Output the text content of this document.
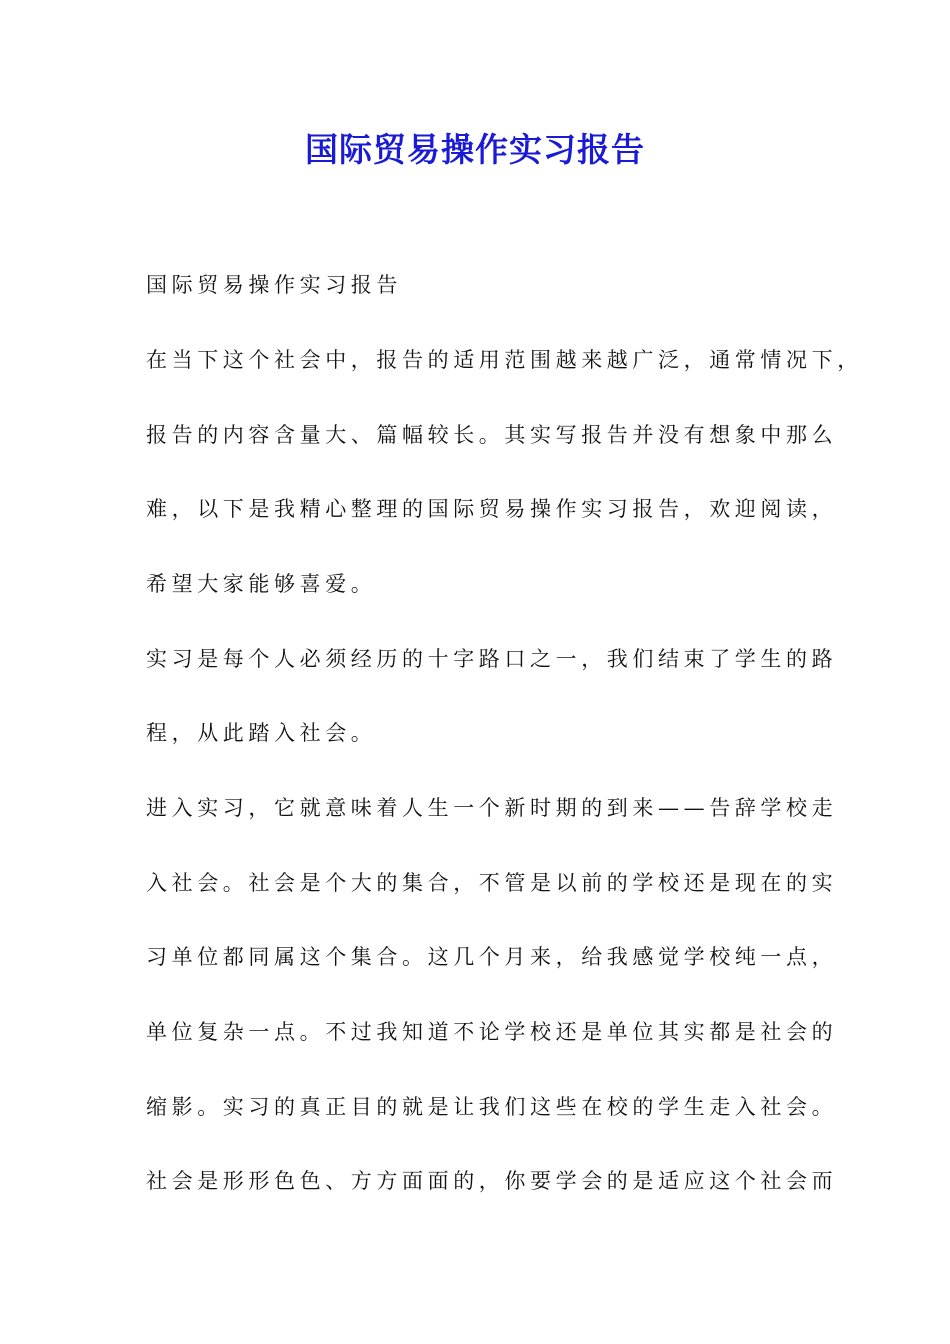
国际贸易操作实习报告
国际贸易操作实习报告
在当下这个社会中，报告的适用范围越来越广泛，通常情况下，
报告的内容含量大、篇幅较长。其实写报告并没有想象中那么
难，以下是我精心整理的国际贸易操作实习报告，欢迎阅读，
希望大家能够喜爱。
实习是每个人必须经历的十字路口之一，我们结束了学生的路
程，从此踏入社会。
进入实习，它就意味着人生一个新时期的到来——告辞学校走
入社会。社会是个大的集合，不管是以前的学校还是现在的实
习单位都同属这个集合。这几个月来，给我感觉学校纯一点，
单位复杂一点。不过我知道不论学校还是单位其实都是社会的
缩影。实习的真正目的就是让我们这些在校的学生走入社会。
社会是形形色色、方方面面的，你要学会的是适应这个社会而
